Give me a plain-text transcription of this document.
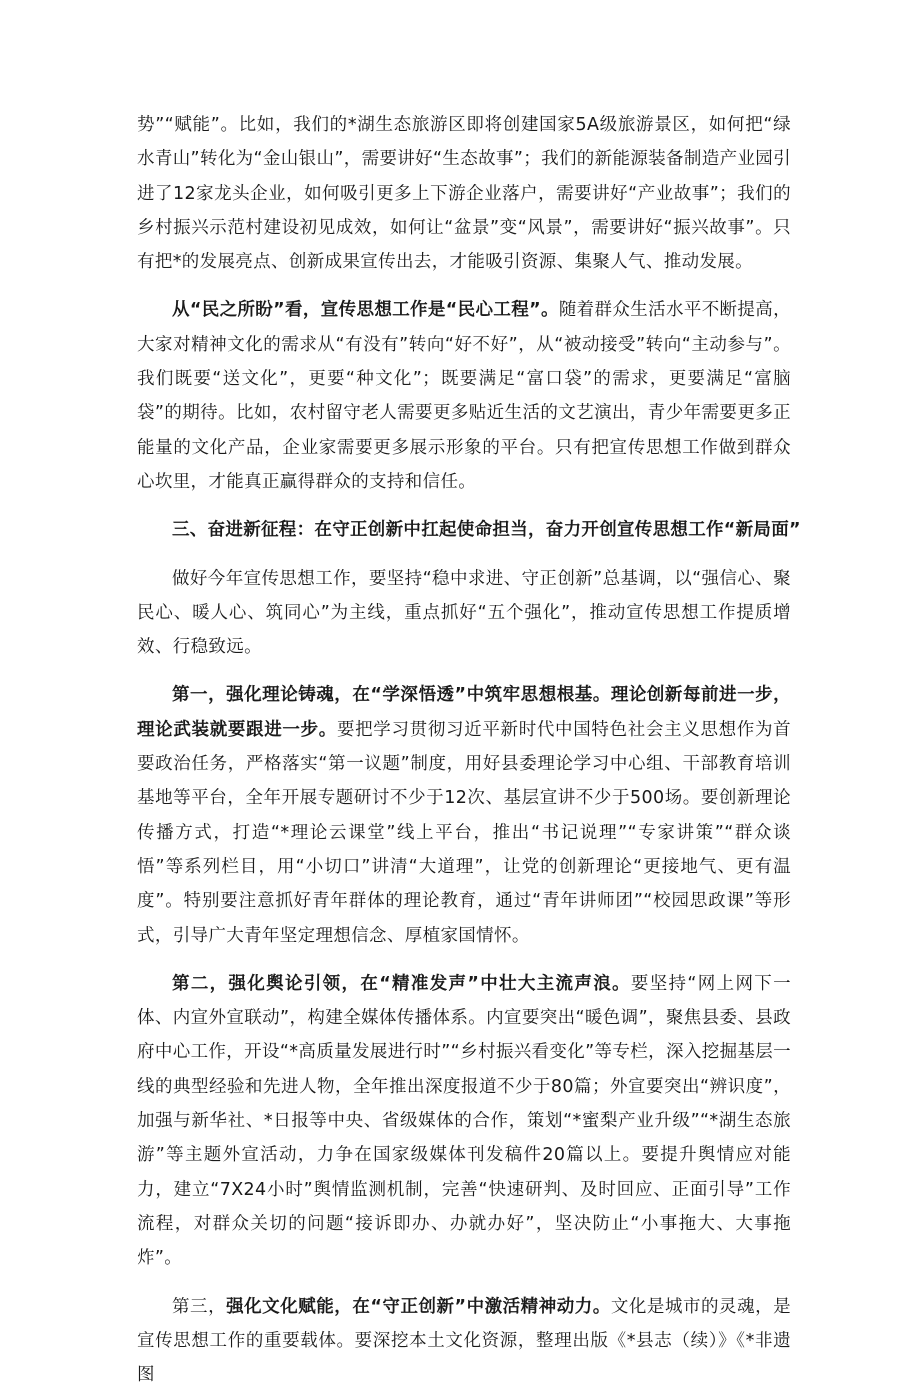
势”“赋能”。比如，我们的*湖生态旅游区即将创建国家5A级旅游景区，如何把“绿水青山”转化为“金山银山”，需要讲好“生态故事”；我们的新能源装备制造产业园引进了12家龙头企业，如何吸引更多上下游企业落户，需要讲好“产业故事”；我们的乡村振兴示范村建设初见成效，如何让“盆景”变“风景”，需要讲好“振兴故事”。只有把*的发展亮点、创新成果宣传出去，才能吸引资源、集聚人气、推动发展。

从“民之所盼”看，宣传思想工作是“民心工程”。随着群众生活水平不断提高，大家对精神文化的需求从“有没有”转向“好不好”，从“被动接受”转向“主动参与”。我们既要“送文化”，更要“种文化”；既要满足“富口袋”的需求，更要满足“富脑袋”的期待。比如，农村留守老人需要更多贴近生活的文艺演出，青少年需要更多正能量的文化产品，企业家需要更多展示形象的平台。只有把宣传思想工作做到群众心坎里，才能真正赢得群众的支持和信任。

三、奋进新征程：在守正创新中扛起使命担当，奋力开创宣传思想工作“新局面”

做好今年宣传思想工作，要坚持“稳中求进、守正创新”总基调，以“强信心、聚民心、暖人心、筑同心”为主线，重点抓好“五个强化”，推动宣传思想工作提质增效、行稳致远。

第一，强化理论铸魂，在“学深悟透”中筑牢思想根基。理论创新每前进一步，理论武装就要跟进一步。要把学习贯彻习近平新时代中国特色社会主义思想作为首要政治任务，严格落实“第一议题”制度，用好县委理论学习中心组、干部教育培训基地等平台，全年开展专题研讨不少于12次、基层宣讲不少于500场。要创新理论传播方式，打造“*理论云课堂”线上平台，推出“书记说理”“专家讲策”“群众谈悟”等系列栏目，用“小切口”讲清“大道理”，让党的创新理论“更接地气、更有温度”。特别要注意抓好青年群体的理论教育，通过“青年讲师团”“校园思政课”等形式，引导广大青年坚定理想信念、厚植家国情怀。

第二，强化舆论引领，在“精准发声”中壮大主流声浪。要坚持“网上网下一体、内宣外宣联动”，构建全媒体传播体系。内宣要突出“暖色调”，聚焦县委、县政府中心工作，开设“*高质量发展进行时”“乡村振兴看变化”等专栏，深入挖掘基层一线的典型经验和先进人物，全年推出深度报道不少于80篇；外宣要突出“辨识度”，加强与新华社、*日报等中央、省级媒体的合作，策划“*蜜梨产业升级”“*湖生态旅游”等主题外宣活动，力争在国家级媒体刊发稿件20篇以上。要提升舆情应对能力，建立“7X24小时”舆情监测机制，完善“快速研判、及时回应、正面引导”工作流程，对群众关切的问题“接诉即办、办就办好”，坚决防止“小事拖大、大事拖炸”。

第三，强化文化赋能，在“守正创新”中激活精神动力。文化是城市的灵魂，是宣传思想工作的重要载体。要深挖本土文化资源，整理出版《*县志（续）》《*非遗图
